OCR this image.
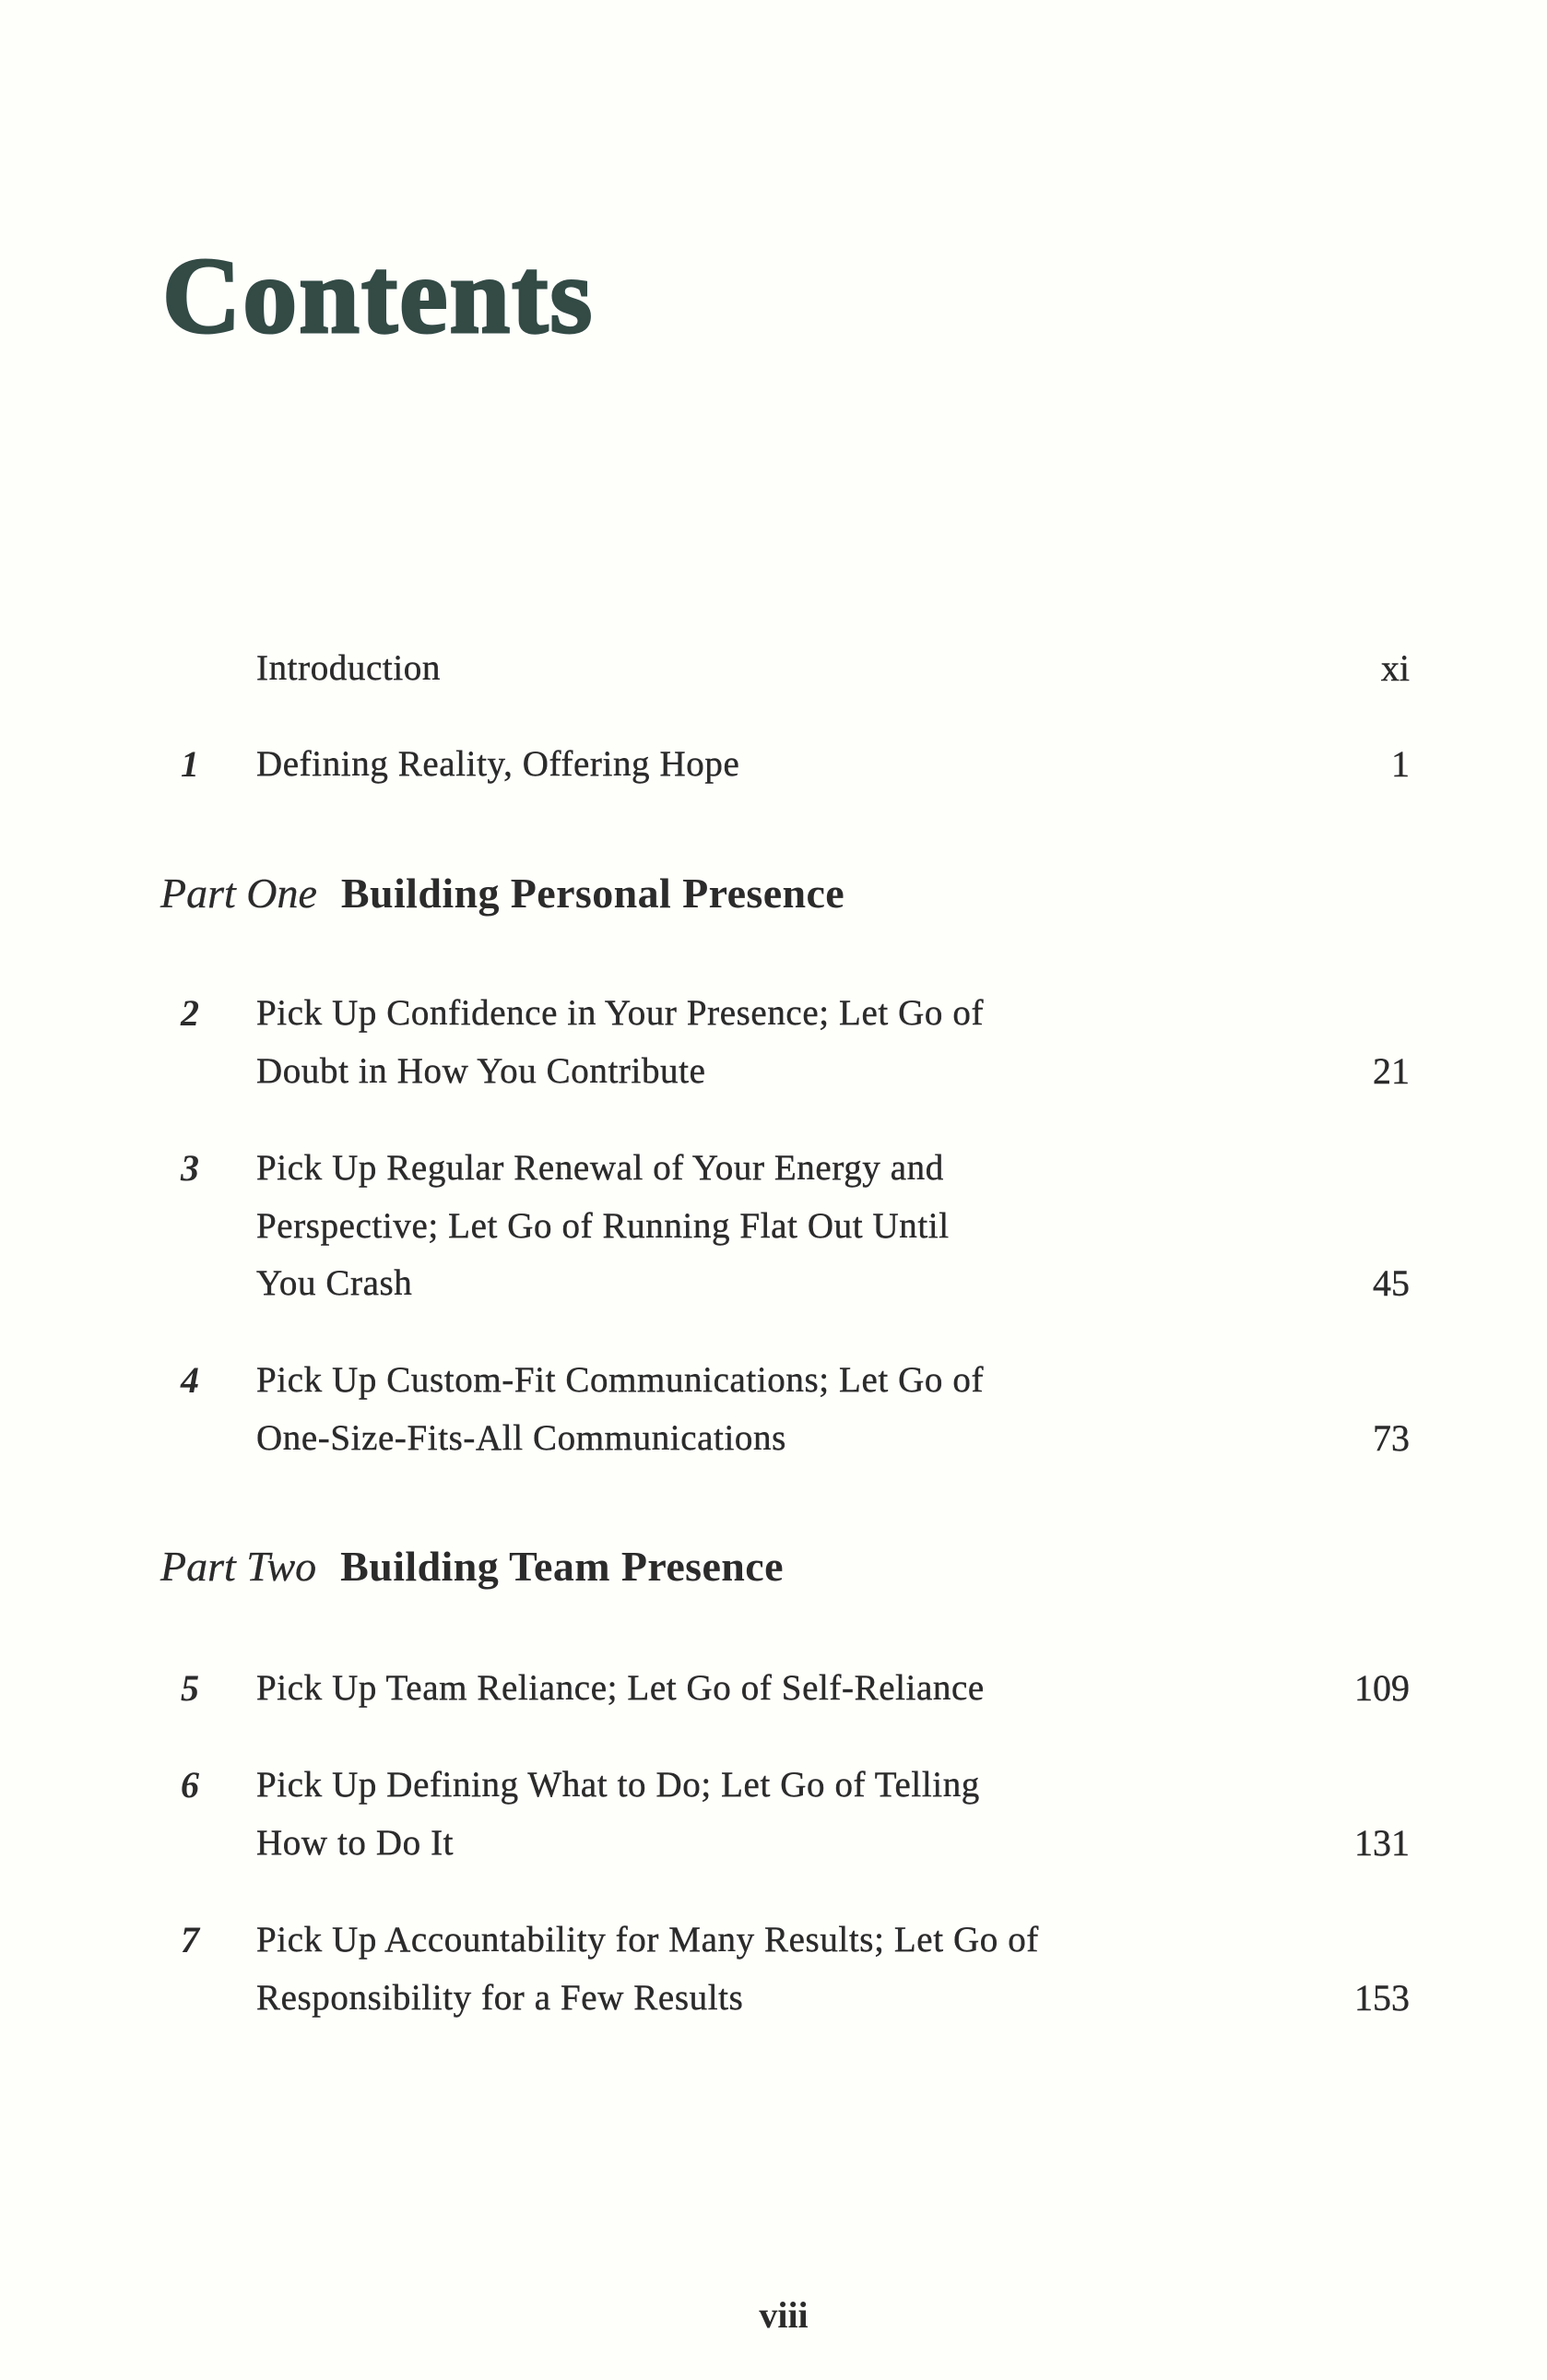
Contents
Introduction	xi
1 Defining Reality, Offering Hope	1
Part One Building Personal Presence
2 Pick Up Confidence in Your Presence; Let Go of
Doubt in How You Contribute	21
3 Pick Up Regular Renewal of Your Energy and
Perspective; Let Go of Running Flat Out Until
You Crash	45
4 Pick Up Custom-Fit Communications; Let Go of
One-Size-Fits-All Communications	73
Part Two Building Team Presence
5 Pick Up Team Reliance; Let Go of Self-Reliance	109
6 Pick Up Defining What to Do; Let Go of Telling
How to Do It	131
7 Pick Up Accountability for Many Results; Let Go of
Responsibility for a Few Results	153
viii
